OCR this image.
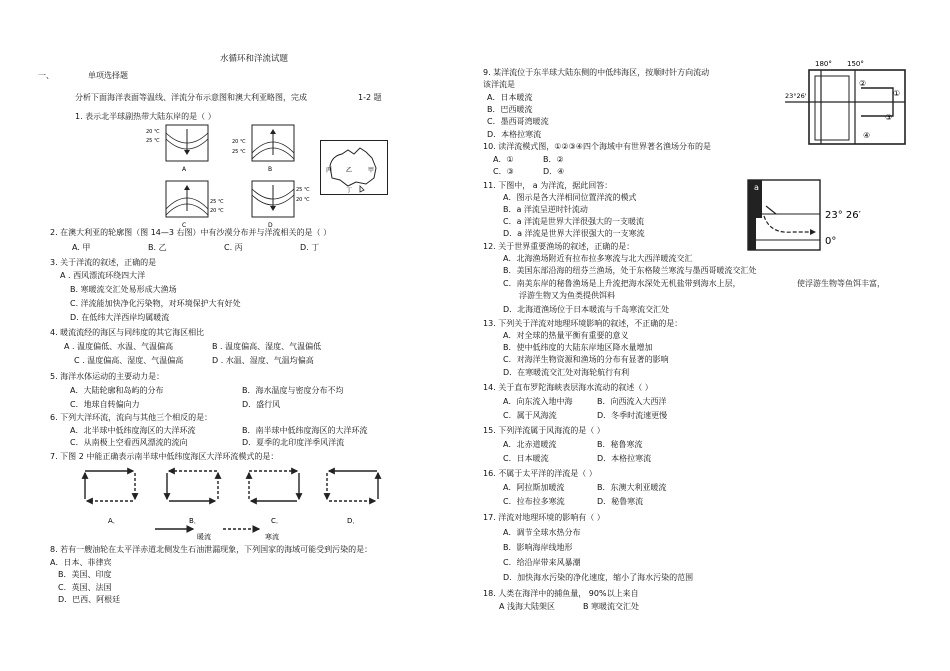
水循环和洋流试题
一、	单项选择题
分析下面海洋表面等温线、洋流分布示意图和澳大利亚略图，完成	1-2 题
1. 表示北半球副热带大陆东岸的是（ ）
20 ℃
25 ℃
A
20 ℃
25 ℃
B
25 ℃
20 ℃
C
25 ℃
20 ℃
D
丙 乙	甲
丁
2. 在澳大利亚的轮廓图（图 14—3 右图）中有沙漠分布并与洋流相关的是（ ）
A. 甲	B. 乙	C. 丙	D. 丁
3. 关于洋流的叙述，正确的是
A . 西风漂流环绕四大洋
B. 寒暖流交汇处易形成大渔场
C. 洋流能加快净化污染物，对环境保护大有好处
D. 在低纬大洋西岸均属暖流
4. 暖流流经的海区与同纬度的其它海区相比
A . 温度偏低、水温、气温偏高	B . 温度偏高、湿度、气温偏低
C . 温度偏高、湿度、气温偏高	D . 水温、湿度、气温均偏高
5. 海洋水体运动的主要动力是：
A．大陆轮廓和岛屿的分布	B．海水温度与密度分布不均
C．地球自转偏向力	D．盛行风
6. 下列大洋环流，流向与其他三个相反的是：
A．北半球中低纬度海区的大洋环流	B．南半球中低纬度海区的大洋环流
C．从南极上空看西风漂流的流向	D．夏季的北印度洋季风洋流
7. 下图 2 中能正确表示南半球中低纬度海区大洋环流模式的是：
A．	B．	C．	D．
暖流	寒流
8. 若有一艘油轮在太平洋赤道北侧发生石油泄漏现象，下列国家的海域可能受到污染的是：
A．日本、菲律宾
B．美国、印度
C．英国、法国
D．巴西、阿根廷
9. 某洋流位于东半球大陆东侧的中低纬海区，按顺时针方向流动
该洋流是
A．日本暖流
B．巴西暖流
C．墨西哥湾暖流
D．本格拉寒流
180° 150°
23°26'	①
②
③
④
10. 读洋流模式图，①②③④四个海域中有世界著名渔场分布的是
A．①	B．②
C．③	D．④
11. 下图中， a 为洋流，据此回答：
A．图示是各大洋相同位置洋流的模式
B．a 洋流呈逆时针流动
C．a 洋流是世界大洋很强大的一支暖流
D．a 洋流是世界大洋很强大的一支寒流
a
23° 26′
0°
12. 关于世界重要渔场的叙述，正确的是：
A．北海渔场附近有拉布拉多寒流与北大西洋暖流交汇
B．美国东部沿海的纽芬兰渔场，处于东格陵兰寒流与墨西哥暖流交汇处
C．南美东岸的秘鲁渔场是上升流把海水深处无机盐带到海水上层，	使浮游生物等鱼饵丰富，
浮游生物又为鱼类提供饵料
D．北海道渔场位于日本暖流与千岛寒流交汇处
13. 下列关于洋流对地理环境影响的叙述，不正确的是：
A．对全球的热量平衡有重要的意义
B．使中低纬度的大陆东岸地区降水量增加
C．对海洋生物资源和渔场的分布有显著的影响
D．在寒暖流交汇处对海轮航行有利
14. 关于直布罗陀海峡表层海水流动的叙述（ ）
A．向东流入地中海	B．向西流入大西洋
C．属于风海流	D．冬季时流速更慢
15. 下列洋流属于风海流的是（ ）
A．北赤道暖流	B．秘鲁寒流
C．日本暖流	D．本格拉寒流
16. 不属于太平洋的洋流是（ ）
A．阿拉斯加暖流	B．东澳大利亚暖流
C．拉布拉多寒流	D．秘鲁寒流
17. 洋流对地理环境的影响有（ ）
A．调节全球水热分布
B．影响海岸线地形
C．给沿岸带来风暴潮
D．加快海水污染的净化速度，缩小了海水污染的范围
18. 人类在海洋中的捕鱼量， 90%以上来自
A 浅海大陆架区	B 寒暖流交汇处
